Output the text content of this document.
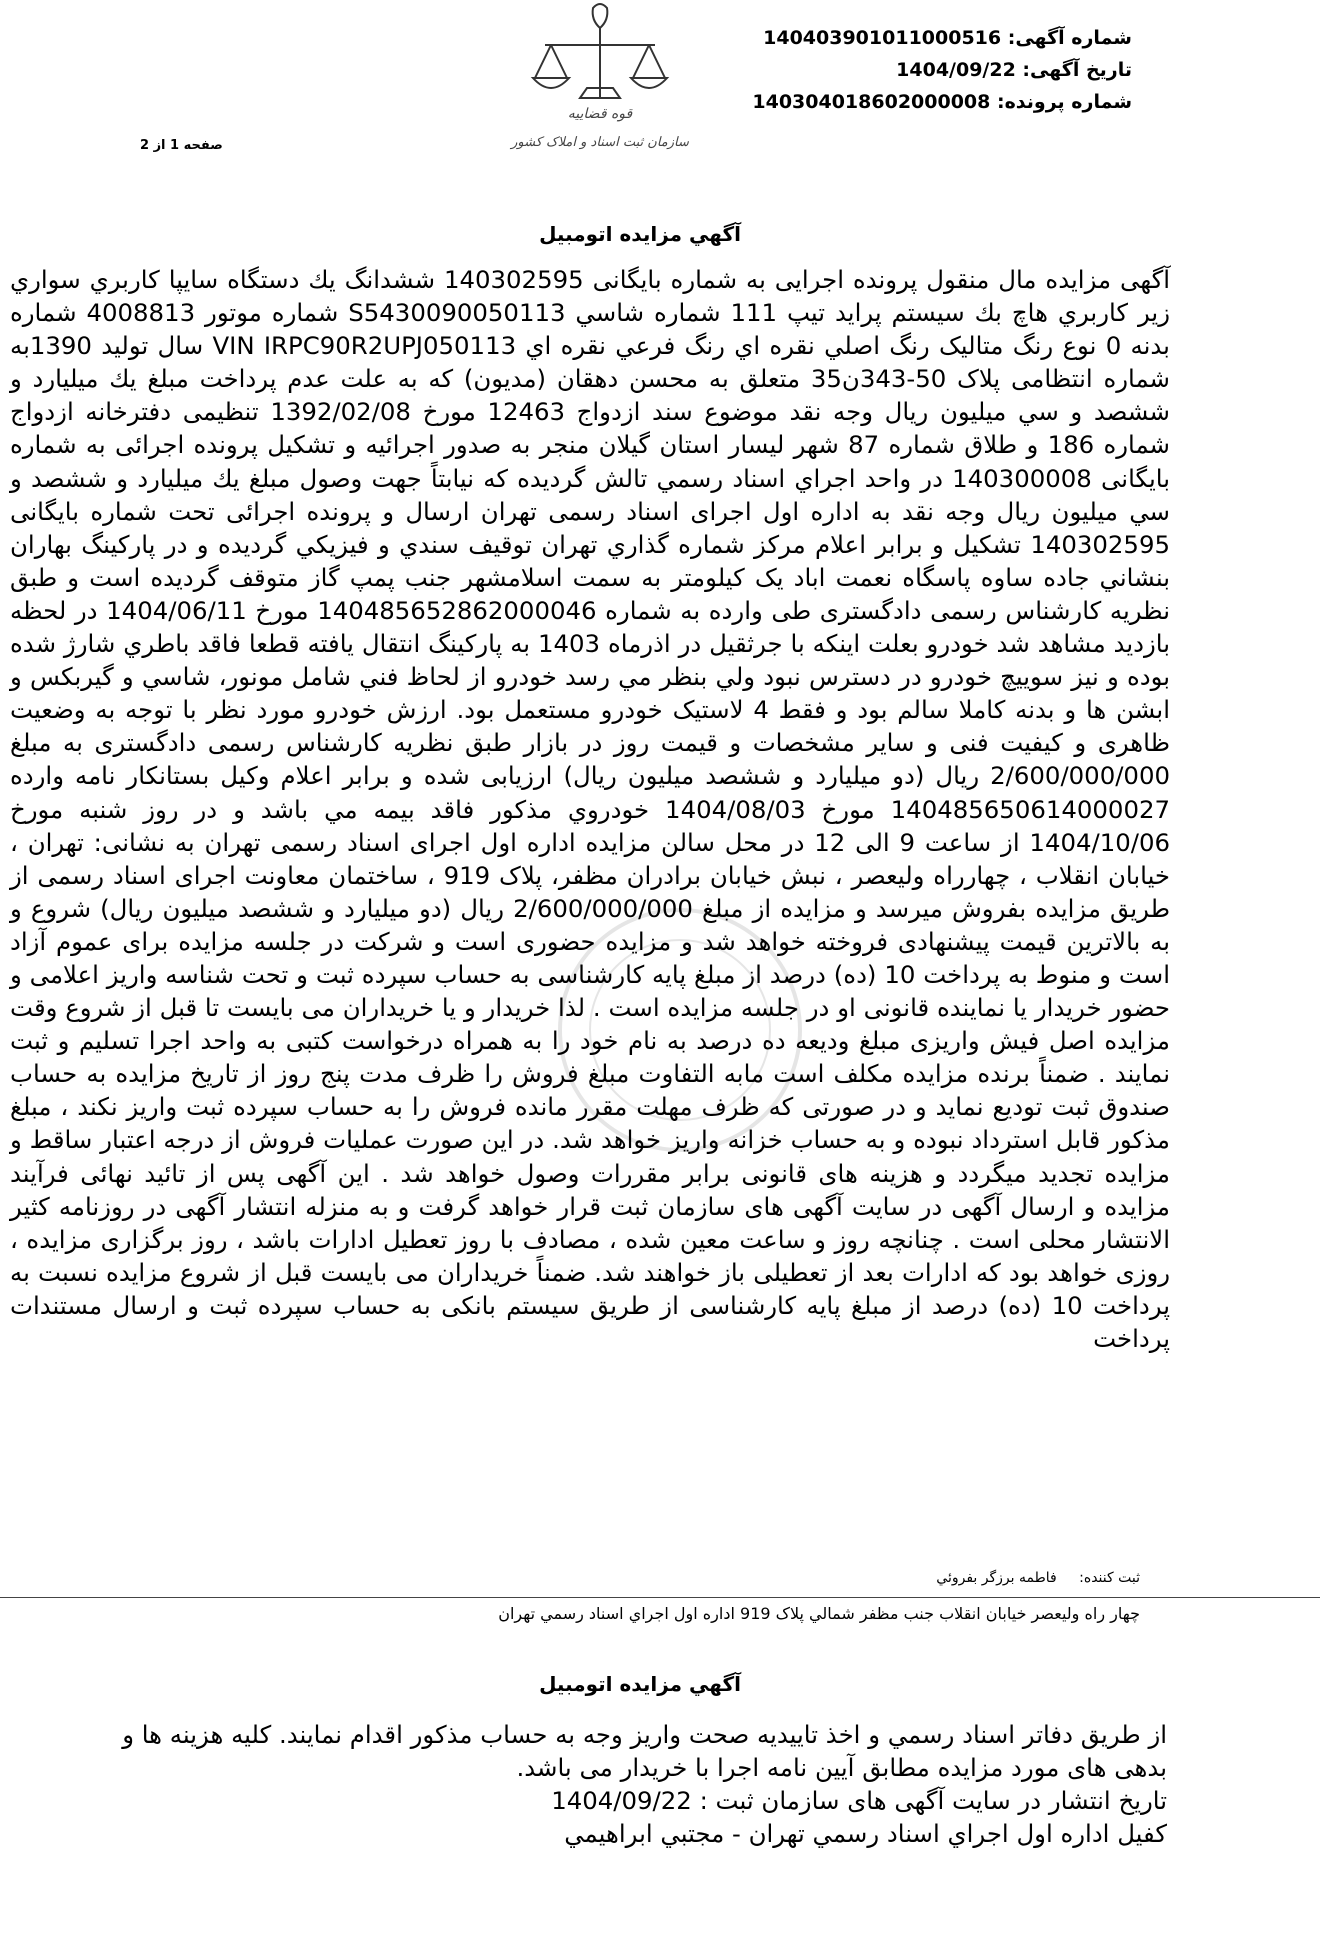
شماره آگهی: 14040390101100051​6
تاریخ آگهی: 1404/09/22
شماره پرونده: 140304018602000008
قوه قضاییه
سازمان ثبت اسناد و املاک کشور
صفحه 1 از 2
آگهي مزايده اتومبيل
آگهی مزایده مال منقول پرونده اجرایی به شماره بایگانی 140302595 ششدانگ يك دستگاه سايپا كاربري سواري زير كاربري هاچ بك سيستم پرايد تيپ 111 شماره شاسي S5430090050113 شماره موتور 4008813 شماره بدنه 0 نوع رنگ متاليک رنگ اصلي نقره اي رنگ فرعي نقره اي VIN IRPC90R2UPJ050113 سال تولید 1390به شماره انتظامی پلاک 50-343ن35 متعلق به محسن دهقان (مدیون) که به علت عدم پرداخت مبلغ يك ميليارد و ششصد و سي ميليون ريال وجه نقد موضوع سند ازدواج 12463 مورخ 1392/02/08 تنظیمی دفترخانه ازدواج شماره 186 و طلاق شماره 87 شهر ليسار استان گيلان منجر به صدور اجرائیه و تشکیل پرونده اجرائی به شماره بایگانی 140300008 در واحد اجراي اسناد رسمي تالش گردیده که نیابتاً جهت وصول مبلغ يك ميليارد و ششصد و سي ميليون ريال وجه نقد به اداره اول اجرای اسناد رسمی تهران ارسال و پرونده اجرائی تحت شماره بایگانی 140302595 تشکیل و برابر اعلام مرکز شماره گذاري تهران توقيف سندي و فيزيكي گرديده و در پاركينگ بهاران بنشاني جاده ساوه پاسگاه نعمت اباد یک کیلومتر به سمت اسلامشهر جنب پمپ گاز متوقف گرديده است و طبق نظریه کارشناس رسمی دادگستری طی وارده به شماره 140485652862000046 مورخ 1404/06/11 در لحظه بازديد مشاهد شد خودرو بعلت اينكه با جرثقيل در اذرماه 1403 به پاركينگ انتقال يافته قطعا فاقد باطري شارژ شده بوده و نيز سوييچ خودرو در دسترس نبود ولي بنظر مي رسد خودرو از لحاظ فني شامل مونور، شاسي و گيربكس و ابشن ها و بدنه كاملا سالم بود و فقط 4 لاستيک خودرو مستعمل بود. ارزش خودرو مورد نظر با توجه به وضعیت ظاهری و کیفیت فنی و سایر مشخصات و قیمت روز در بازار طبق نظریه کارشناس رسمی دادگستری به مبلغ 2/600/000/000 ريال (دو ميليارد و ششصد ميليون ريال) ارزيابی شده و برابر اعلام وكيل بستانكار نامه وارده 140485650614000027 مورخ 1404/08/03 خودروي مذكور فاقد بيمه مي باشد و در روز شنبه مورخ 1404/10/06 از ساعت 9 الی 12 در محل سالن مزایده اداره اول اجرای اسناد رسمی تهران به نشانی: تهران ، خیابان انقلاب ، چهارراه ولیعصر ، نبش خیابان برادران مظفر، پلاک 919 ، ساختمان معاونت اجرای اسناد رسمی از طریق مزایده بفروش میرسد و مزایده از مبلغ 2/600/000/000 ريال (دو ميليارد و ششصد ميليون ريال) شروع و به بالاترین قیمت پیشنهادی فروخته خواهد شد و مزایده حضوری است و شرکت در جلسه مزایده برای عموم آزاد است و منوط به پرداخت 10 (ده) درصد از مبلغ پایه کارشناسی به حساب سپرده ثبت و تحت شناسه واریز اعلامی و حضور خریدار یا نماینده قانونی او در جلسه مزایده است . لذا خریدار و یا خریداران می بایست تا قبل از شروع وقت مزایده اصل فیش واریزی مبلغ ودیعه ده درصد به نام خود را به همراه درخواست کتبی به واحد اجرا تسلیم و ثبت نمایند . ضمناً برنده مزایده مکلف است مابه التفاوت مبلغ فروش را ظرف مدت پنج روز از تاریخ مزایده به حساب صندوق ثبت تودیع نماید و در صورتی که ظرف مهلت مقرر مانده فروش را به حساب سپرده ثبت واریز نکند ، مبلغ مذکور قابل استرداد نبوده و به حساب خزانه واریز خواهد شد. در این صورت عملیات فروش از درجه اعتبار ساقط و مزایده تجدید میگردد و هزینه های قانونی برابر مقررات وصول خواهد شد . این آگهی پس از تائید نهائی فرآیند مزایده و ارسال آگهی در سایت آگهی های سازمان ثبت قرار خواهد گرفت و به منزله انتشار آگهی در روزنامه کثیر الانتشار محلی است . چنانچه روز و ساعت معین شده ، مصادف با روز تعطیل ادارات باشد ، روز برگزاری مزایده ، روزی خواهد بود که ادارات بعد از تعطیلی باز خواهند شد. ضمناً خریداران می بایست قبل از شروع مزایده نسبت به پرداخت 10 (ده) درصد از مبلغ پایه کارشناسی از طریق سیستم بانکی به حساب سپرده ثبت و ارسال مستندات پرداخت
ثبت کننده: فاطمه برزگر بفروئي
چهار راه وليعصر خيابان انقلاب جنب مظفر شمالي پلاک 919 اداره اول اجراي اسناد رسمي تهران
آگهي مزايده اتومبيل
از طریق دفاتر اسناد رسمي و اخذ تاييديه صحت واريز وجه به حساب مذکور اقدام نمايند. کلیه هزینه ها و
بدهی های مورد مزایده مطابق آیین نامه اجرا با خریدار می باشد.
تاریخ انتشار در سایت آگهی های سازمان ثبت : 1404/09/22
كفيل اداره اول اجراي اسناد رسمي تهران - مجتبي ابراهيمي
